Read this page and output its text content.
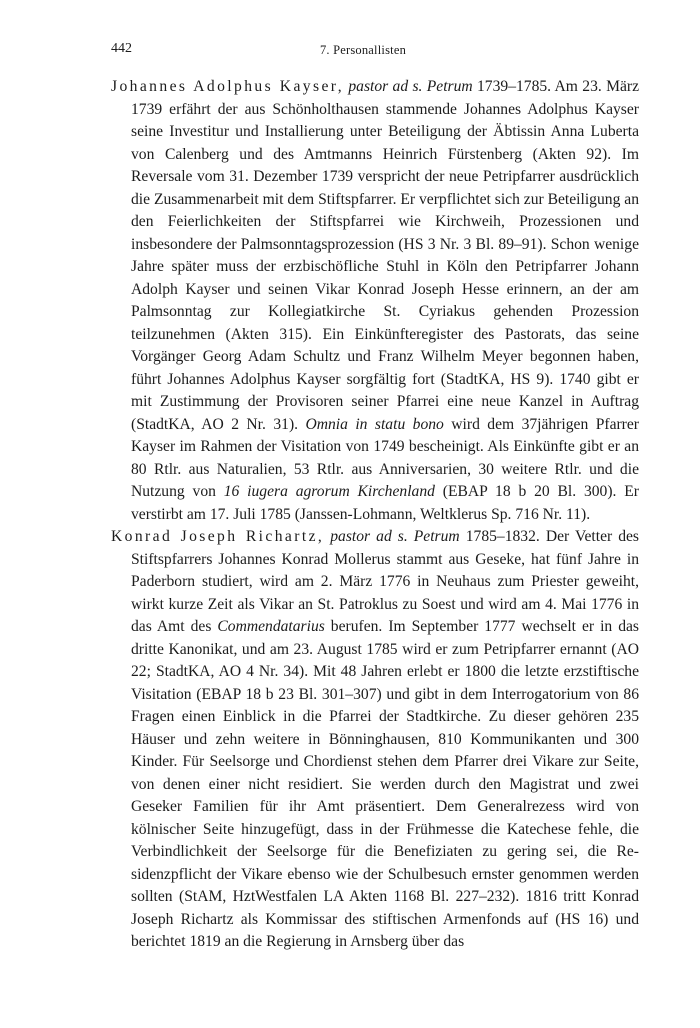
442	7. Personallisten

Johannes Adolphus Kayser, pastor ad s. Petrum 1739–1785. Am 23. März 1739 erfährt der aus Schönholthausen stammende Johannes Adolphus Kayser seine Investitur und Installierung unter Beteiligung der Äbtissin Anna Luberta von Calenberg und des Amtmanns Heinrich Fürstenberg (Akten 92). Im Reversale vom 31. Dezember 1739 verspricht der neue Petripfarrer ausdrücklich die Zusammenarbeit mit dem Stiftspfarrer. Er verpflichtet sich zur Beteiligung an den Feierlichkeiten der Stiftspfarrei wie Kirchweih, Prozessionen und insbesondere der Palmsonntagsprozession (HS 3 Nr. 3 Bl. 89–91). Schon wenige Jahre später muss der erzbischöfliche Stuhl in Köln den Petripfarrer Johann Adolph Kayser und seinen Vikar Konrad Joseph Hesse erinnern, an der am Palmsonntag zur Kollegiatkirche St. Cyriakus gehenden Prozession teilzunehmen (Akten 315). Ein Einkünfteregister des Pastorats, das seine Vorgänger Georg Adam Schultz und Franz Wilhelm Meyer begonnen haben, führt Johannes Adolphus Kayser sorgfältig fort (StadtKA, HS 9). 1740 gibt er mit Zustimmung der Provisoren seiner Pfarrei eine neue Kanzel in Auftrag (StadtKA, AO 2 Nr. 31). Omnia in statu bono wird dem 37jährigen Pfarrer Kayser im Rahmen der Visitation von 1749 bescheinigt. Als Einkünfte gibt er an 80 Rtlr. aus Naturalien, 53 Rtlr. aus Anniversarien, 30 weitere Rtlr. und die Nutzung von 16 iugera agrorum Kirchenland (EBAP 18 b 20 Bl. 300). Er verstirbt am 17. Juli 1785 (Janssen-Lohmann, Weltklerus Sp. 716 Nr. 11).

Konrad Joseph Richartz, pastor ad s. Petrum 1785–1832. Der Vetter des Stiftspfarrers Johannes Konrad Mollerus stammt aus Geseke, hat fünf Jahre in Paderborn studiert, wird am 2. März 1776 in Neuhaus zum Priester geweiht, wirkt kurze Zeit als Vikar an St. Patroklus zu Soest und wird am 4. Mai 1776 in das Amt des Commendatarius berufen. Im September 1777 wechselt er in das dritte Kanonikat, und am 23. August 1785 wird er zum Petripfarrer ernannt (AO 22; StadtKA, AO 4 Nr. 34). Mit 48 Jahren erlebt er 1800 die letzte erzstiftische Visitation (EBAP 18 b 23 Bl. 301–307) und gibt in dem Interrogatorium von 86 Fragen einen Einblick in die Pfarrei der Stadtkirche. Zu dieser gehören 235 Häuser und zehn weitere in Bönninghausen, 810 Kommunikanten und 300 Kinder. Für Seelsorge und Chordienst stehen dem Pfarrer drei Vikare zur Seite, von denen einer nicht residiert. Sie werden durch den Magistrat und zwei Geseker Familien für ihr Amt präsentiert. Dem Generalrezess wird von kölnischer Seite hinzugefügt, dass in der Frühmesse die Katechese fehle, die Verbindlichkeit der Seelsorge für die Benefiziaten zu gering sei, die Residenzpflicht der Vikare ebenso wie der Schulbesuch ernster genommen werden sollten (StAM, HztWestfalen LA Akten 1168 Bl. 227–232). 1816 tritt Konrad Joseph Richartz als Kommissar des stiftischen Armenfonds auf (HS 16) und berichtet 1819 an die Regierung in Arnsberg über das
